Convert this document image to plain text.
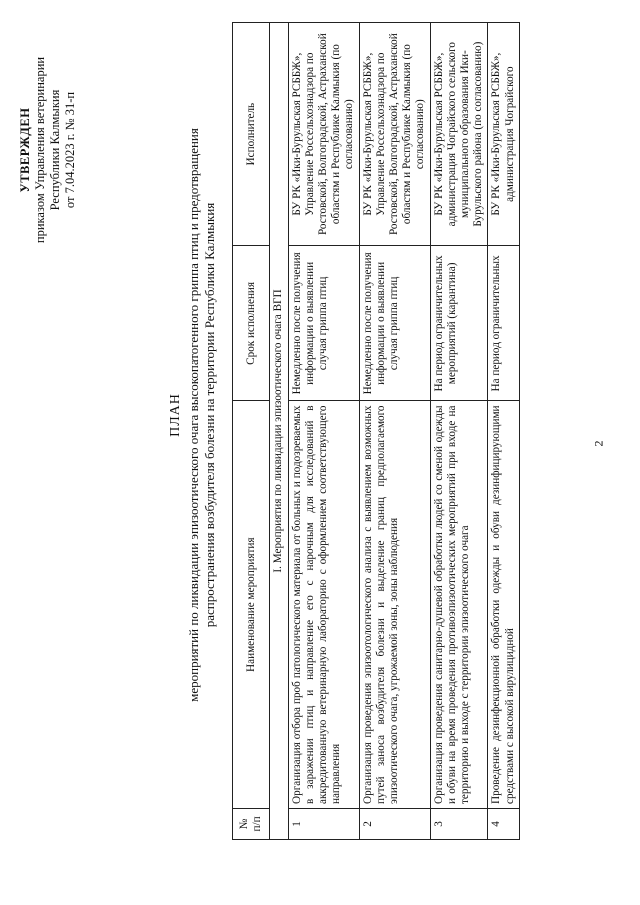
УТВЕРЖДЕН приказом Управления ветеринарии Республики Калмыкия от 7.04.2023 г. № 31-п
ПЛАН мероприятий по ликвидации эпизоотического очага высокопатогенного гриппа птиц и предотвращения распространения возбудителя болезни на территории Республики Калмыкия
№ п/п	Наименование мероприятия	Срок исполнения	Исполнитель
I. Мероприятия по ликвидации эпизоотического очага ВГП			
1	Организация отбора проб патологического материала от больных и подозреваемых в заражении птиц и направление его с нарочным для исследований в аккредитованную ветеринарную лабораторию с оформлением соответствующего направления	Немедленно после получения информации о выявлении случая гриппа птиц	БУ РК «Ики-Бурульская РСББЖ», Управление Россельхознадзора по Ростовской, Волгоградской, Астраханской областям и Республике Калмыкия (по согласованию)
2	Организация проведения эпизоотологического анализа с выявлением возможных путей заноса возбудителя болезни и выделение границ предполагаемого эпизоотического очага, угрожаемой зоны, зоны наблюдения	Немедленно после получения информации о выявлении случая гриппа птиц	БУ РК «Ики-Бурульская РСББЖ», Управление Россельхознадзора по Ростовской, Волгоградской, Астраханской областям и Республике Калмыкия (по согласованию)
3	Организация проведения санитарно-душевой обработки людей со сменой одежды и обуви на время проведения противоэпизоотических мероприятий при входе на территорию и выходе с территории эпизоотического очага	На период ограничительных мероприятий (карантина)	БУ РК «Ики-Бурульская РСББЖ», администрация Чограйского сельского муниципального образования Ики-Бурульского района (по согласованию)
4	Проведение дезинфекционной обработки одежды и обуви дезинфицирующими средствами с высокой вирулицидной	На период ограничительных	БУ РК «Ики-Бурульская РСББЖ», администрация Чограйского
2
